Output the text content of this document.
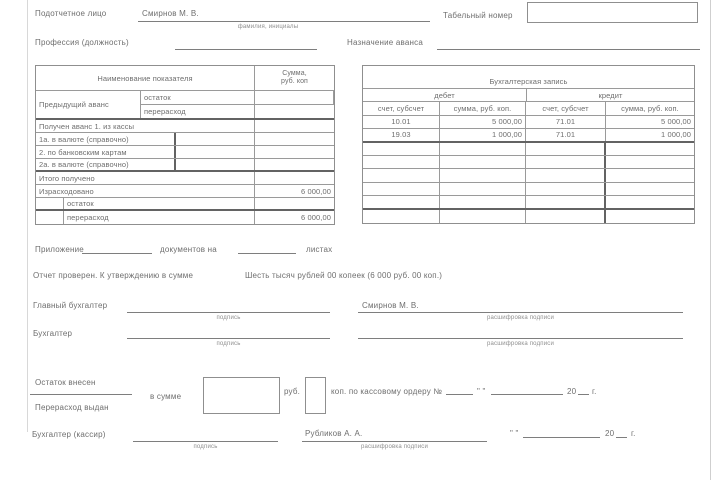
Подотчетное лицо	Смирнов М. В.
фамилия, инициалы
Табельный номер
Профессия (должность)	Назначение аванса
Наименование показателя	Сумма,
руб. коп
Предыдущий аванс
остаток
перерасход
Получен аванс 1. из кассы
1а. в валюте (справочно)
2. по банковским картам
2а. в валюте (справочно)
Итого получено
Израсходовано	6 000,00
остаток
перерасход	6 000,00
Бухгалтерская запись
дебет	кредит
счет, субсчет	сумма, руб. коп.	счет, субсчет	сумма, руб. коп.
10.01	5 000,00	71.01	5 000,00
19.03	1 000,00	71.01	1 000,00
Приложение	документов на	листах
Отчет проверен. К утверждению в сумме	Шесть тысяч рублей 00 копеек (6 000 руб. 00 коп.)
Главный бухгалтер
подпись
Смирнов М. В.
расшифровка подписи
Бухгалтер
подпись	расшифровка подписи
Остаток внесен
Перерасход выдан
в сумме
руб.	коп. по кассовому ордеру №	" "	20 г.
Бухгалтер (кассир)
подпись
Рубликов А. А.
расшифровка подписи
" "	20 г.
